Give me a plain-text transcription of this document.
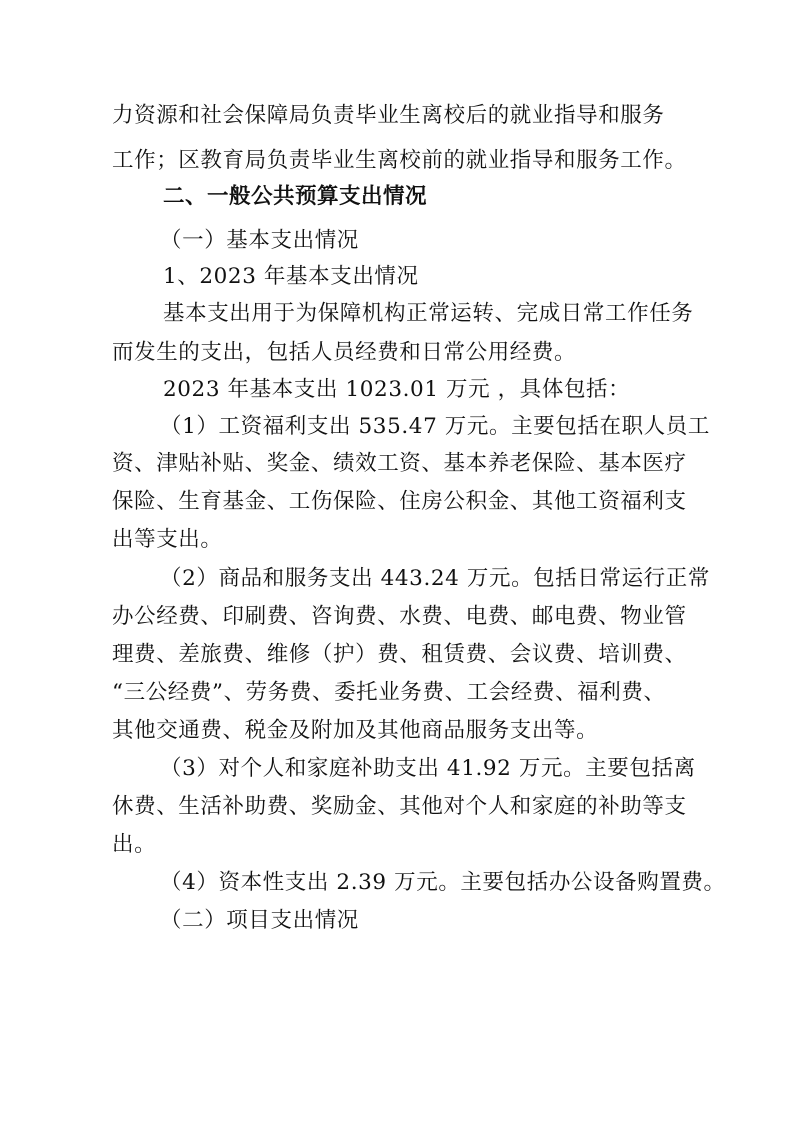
力资源和社会保障局负责毕业生离校后的就业指导和服务
工作；区教育局负责毕业生离校前的就业指导和服务工作。
二、一般公共预算支出情况
（一）基本支出情况
1、2023 年基本支出情况
基本支出用于为保障机构正常运转、完成日常工作任务
而发生的支出，包括人员经费和日常公用经费。
2023 年基本支出 1023.01 万元 ，具体包括：
（1）工资福利支出 535.47 万元。主要包括在职人员工
资、津贴补贴、奖金、绩效工资、基本养老保险、基本医疗
保险、生育基金、工伤保险、住房公积金、其他工资福利支
出等支出。
（2）商品和服务支出 443.24 万元。包括日常运行正常
办公经费、印刷费、咨询费、水费、电费、邮电费、物业管
理费、差旅费、维修（护）费、租赁费、会议费、培训费、
“三公经费”、劳务费、委托业务费、工会经费、福利费、
其他交通费、税金及附加及其他商品服务支出等。
（3）对个人和家庭补助支出 41.92 万元。主要包括离
休费、生活补助费、奖励金、其他对个人和家庭的补助等支
出。
（4）资本性支出 2.39 万元。主要包括办公设备购置费。
（二）项目支出情况
